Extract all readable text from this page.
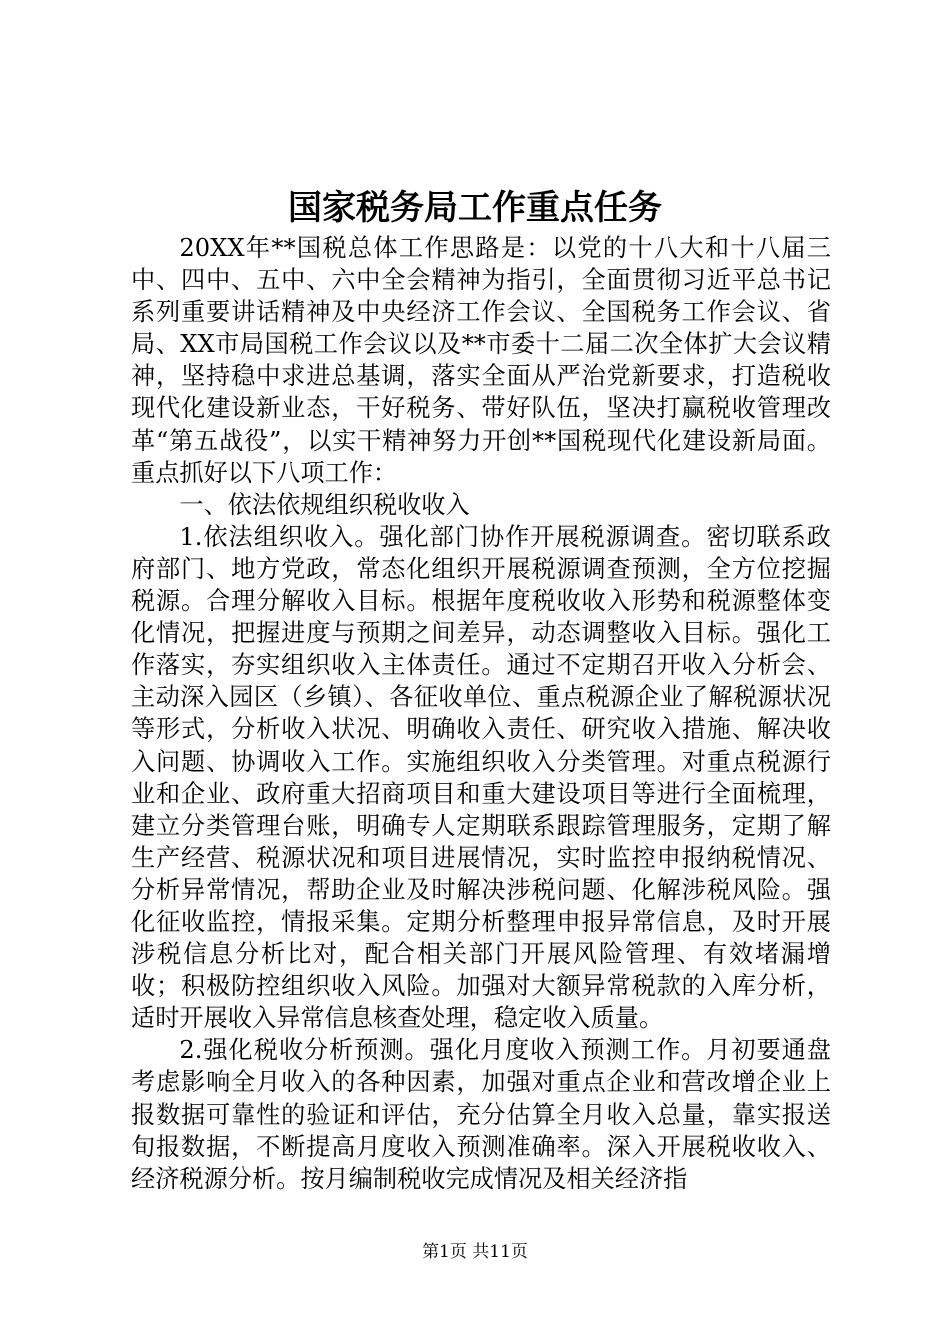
国家税务局工作重点任务

20XX年**国税总体工作思路是：以党的十八大和十八届三中、四中、五中、六中全会精神为指引，全面贯彻习近平总书记系列重要讲话精神及中央经济工作会议、全国税务工作会议、省局、XX市局国税工作会议以及**市委十二届二次全体扩大会议精神，坚持稳中求进总基调，落实全面从严治党新要求，打造税收现代化建设新业态，干好税务、带好队伍，坚决打赢税收管理改革“第五战役”，以实干精神努力开创**国税现代化建设新局面。重点抓好以下八项工作：

一、依法依规组织税收收入

1.依法组织收入。强化部门协作开展税源调查。密切联系政府部门、地方党政，常态化组织开展税源调查预测，全方位挖掘税源。合理分解收入目标。根据年度税收收入形势和税源整体变化情况，把握进度与预期之间差异，动态调整收入目标。强化工作落实，夯实组织收入主体责任。通过不定期召开收入分析会、主动深入园区（乡镇）、各征收单位、重点税源企业了解税源状况等形式，分析收入状况、明确收入责任、研究收入措施、解决收入问题、协调收入工作。实施组织收入分类管理。对重点税源行业和企业、政府重大招商项目和重大建设项目等进行全面梳理，建立分类管理台账，明确专人定期联系跟踪管理服务，定期了解生产经营、税源状况和项目进展情况，实时监控申报纳税情况、分析异常情况，帮助企业及时解决涉税问题、化解涉税风险。强化征收监控，情报采集。定期分析整理申报异常信息，及时开展涉税信息分析比对，配合相关部门开展风险管理、有效堵漏增收；积极防控组织收入风险。加强对大额异常税款的入库分析，适时开展收入异常信息核查处理，稳定收入质量。

2.强化税收分析预测。强化月度收入预测工作。月初要通盘考虑影响全月收入的各种因素，加强对重点企业和营改增企业上报数据可靠性的验证和评估，充分估算全月收入总量，靠实报送旬报数据，不断提高月度收入预测准确率。深入开展税收收入、经济税源分析。按月编制税收完成情况及相关经济指

第1页 共11页
